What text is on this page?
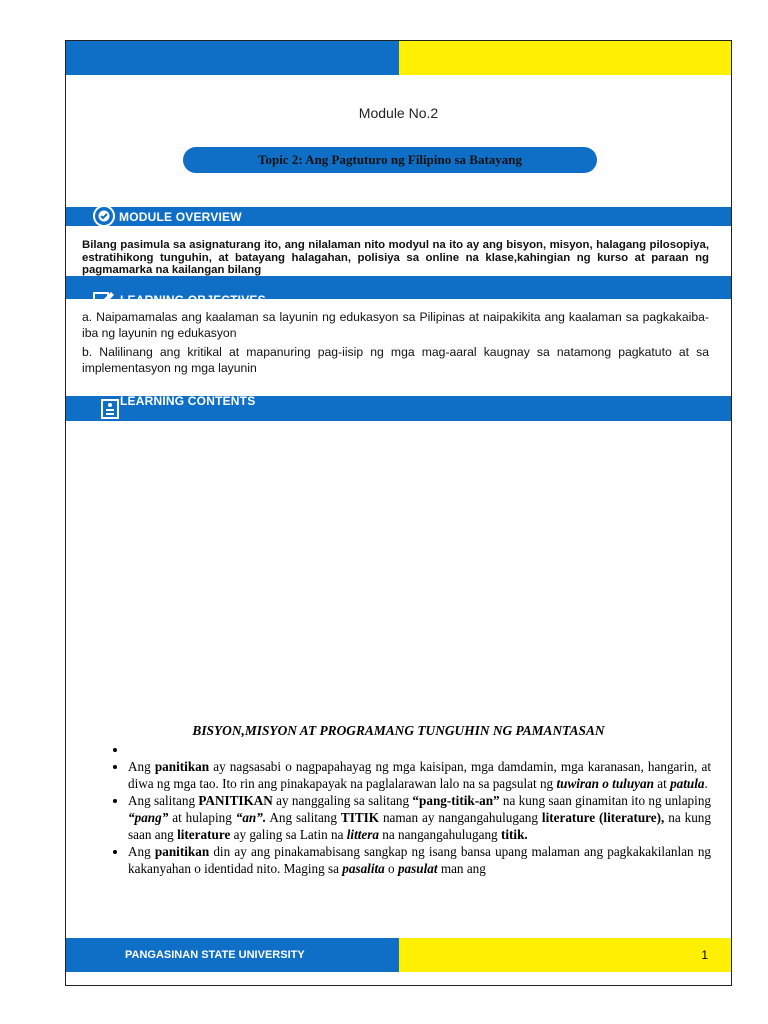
Module No.2
Topic 2: Ang Pagtuturo ng Filipino sa Batayang
MODULE OVERVIEW
Bilang pasimula sa asignaturang ito, ang nilalaman nito modyul na ito ay ang bisyon, misyon, halagang pilosopiya, estratihikong tunguhin, at batayang halagahan, polisiya sa online na klase,kahingian ng kurso at paraan ng pagmamarka na kailangan bilang
LEARNING OBJECTIVES

a. Naipamamalas ang kaalaman sa layunin ng edukasyon sa Pilipinas at naipakikita ang kaalaman sa pagkakaiba-iba ng layunin ng edukasyon

b. Nalilinang ang kritikal at mapanuring pag-iisip ng mga mag-aaral kaugnay sa natamong pagkatuto at sa implementasyon ng mga layunin

LEARNING CONTENTS
BISYON,MISYON AT PROGRAMANG TUNGUHIN NG PAMANTASAN
•
• Ang panitikan ay nagsasabi o nagpapahayag ng mga kaisipan, mga damdamin, mga karanasan, hangarin, at diwa ng mga tao. Ito rin ang pinakapayak na paglalarawan lalo na sa pagsulat ng tuwiran o tuluyan at patula.
• Ang salitang PANITIKAN ay nanggaling sa salitang “pang-titik-an” na kung saan ginamitan ito ng unlaping “pang” at hulaping “an”. Ang salitang TITIK naman ay nangangahulugang literature (literature), na kung saan ang literature ay galing sa Latin na littera na nangangahulugang titik.
• Ang panitikan din ay ang pinakamabisang sangkap ng isang bansa upang malaman ang pagkakakilanlan ng kakanyahan o identidad nito. Maging sa pasalita o pasulat man ang
PANGASINAN STATE UNIVERSITY	1
